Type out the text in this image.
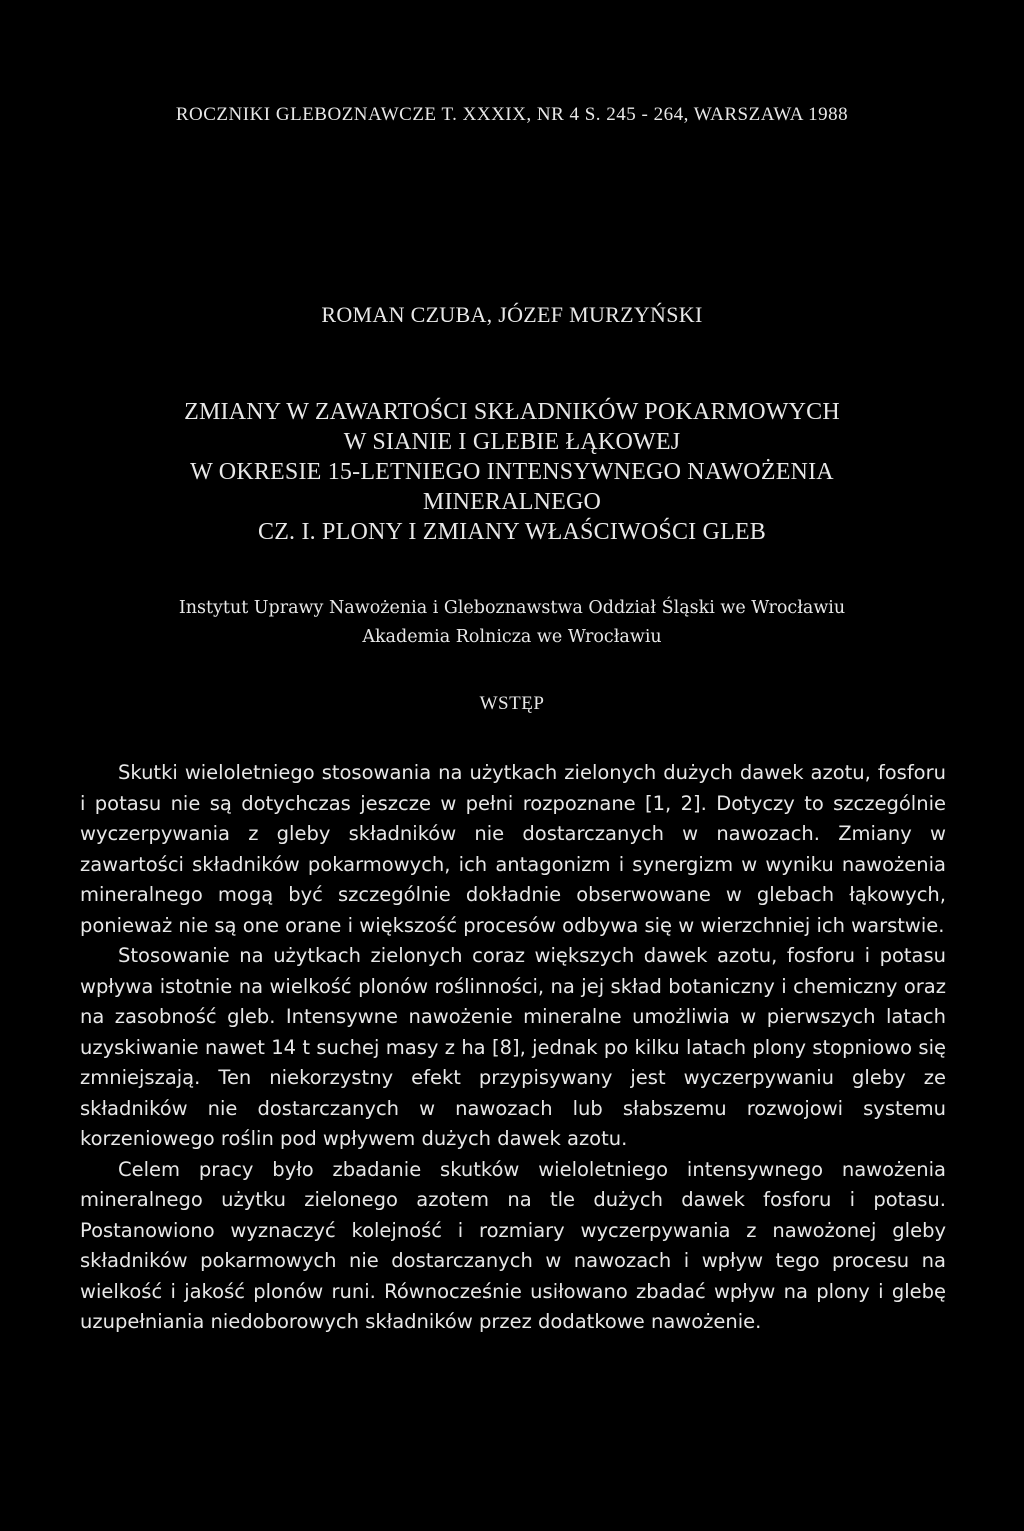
ROCZNIKI GLEBOZNAWCZE T. XXXIX, NR 4 S. 245 - 264, WARSZAWA 1988
ROMAN CZUBA, JÓZEF MURZYŃSKI
ZMIANY W ZAWARTOŚCI SKŁADNIKÓW POKARMOWYCH
W SIANIE I GLEBIE ŁĄKOWEJ
W OKRESIE 15-LETNIEGO INTENSYWNEGO NAWOŻENIA
MINERALNEGO
CZ. I. PLONY I ZMIANY WŁAŚCIWOŚCI GLEB
Instytut Uprawy Nawożenia i Gleboznawstwa Oddział Śląski we Wrocławiu
Akademia Rolnicza we Wrocławiu
WSTĘP

Skutki wieloletniego stosowania na użytkach zielonych dużych dawek azotu, fosforu i potasu nie są dotychczas jeszcze w pełni rozpoznane [1, 2]. Dotyczy to szczególnie wyczerpywania z gleby składników nie dostarczanych w nawozach. Zmiany w zawartości składników pokarmowych, ich antagonizm i synergizm w wyniku nawożenia mineralnego mogą być szczególnie dokładnie obserwowane w glebach łąkowych, ponieważ nie są one orane i większość procesów odbywa się w wierzchniej ich warstwie.

Stosowanie na użytkach zielonych coraz większych dawek azotu, fosforu i potasu wpływa istotnie na wielkość plonów roślinności, na jej skład botaniczny i chemiczny oraz na zasobność gleb. Intensywne nawożenie mineralne umożliwia w pierwszych latach uzyskiwanie nawet 14 t suchej masy z ha [8], jednak po kilku latach plony stopniowo się zmniejszają. Ten niekorzystny efekt przypisywany jest wyczerpywaniu gleby ze składników nie dostarczanych w nawozach lub słabszemu rozwojowi systemu korzeniowego roślin pod wpływem dużych dawek azotu.

Celem pracy było zbadanie skutków wieloletniego intensywnego nawożenia mineralnego użytku zielonego azotem na tle dużych dawek fosforu i potasu. Postanowiono wyznaczyć kolejność i rozmiary wyczerpywania z nawożonej gleby składników pokarmowych nie dostarczanych w nawozach i wpływ tego procesu na wielkość i jakość plonów runi. Równocześnie usiłowano zbadać wpływ na plony i glebę uzupełniania niedoborowych składników przez dodatkowe nawożenie.
